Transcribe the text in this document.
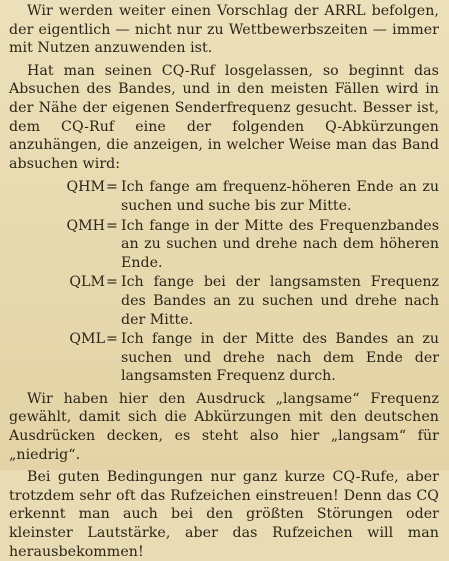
Wir werden weiter einen Vorschlag der ARRL befolgen, der eigentlich — nicht nur zu Wettbewerbszeiten — immer mit Nutzen anzuwenden ist.

Hat man seinen CQ-Ruf losgelassen, so beginnt das Absuchen des Bandes, und in den meisten Fällen wird in der Nähe der eigenen Senderfrequenz gesucht. Besser ist, dem CQ-Ruf eine der folgenden Q-Abkürzungen anzuhängen, die anzeigen, in welcher Weise man das Band absuchen wird:

QHM = Ich fange am frequenz-höheren Ende an zu suchen und suche bis zur Mitte.
QMH = Ich fange in der Mitte des Frequenzbandes an zu suchen und drehe nach dem höheren Ende.
QLM = Ich fange bei der langsamsten Frequenz des Bandes an zu suchen und drehe nach der Mitte.
QML = Ich fange in der Mitte des Bandes an zu suchen und drehe nach dem Ende der langsamsten Frequenz durch.

Wir haben hier den Ausdruck „langsame“ Frequenz gewählt, damit sich die Abkürzungen mit den deutschen Ausdrücken decken, es steht also hier „langsam“ für „niedrig“.

Bei guten Bedingungen nur ganz kurze CQ-Rufe, aber trotzdem sehr oft das Rufzeichen einstreuen! Denn das CQ erkennt man auch bei den größten Störungen oder kleinster Lautstärke, aber das Rufzeichen will man herausbekommen!
